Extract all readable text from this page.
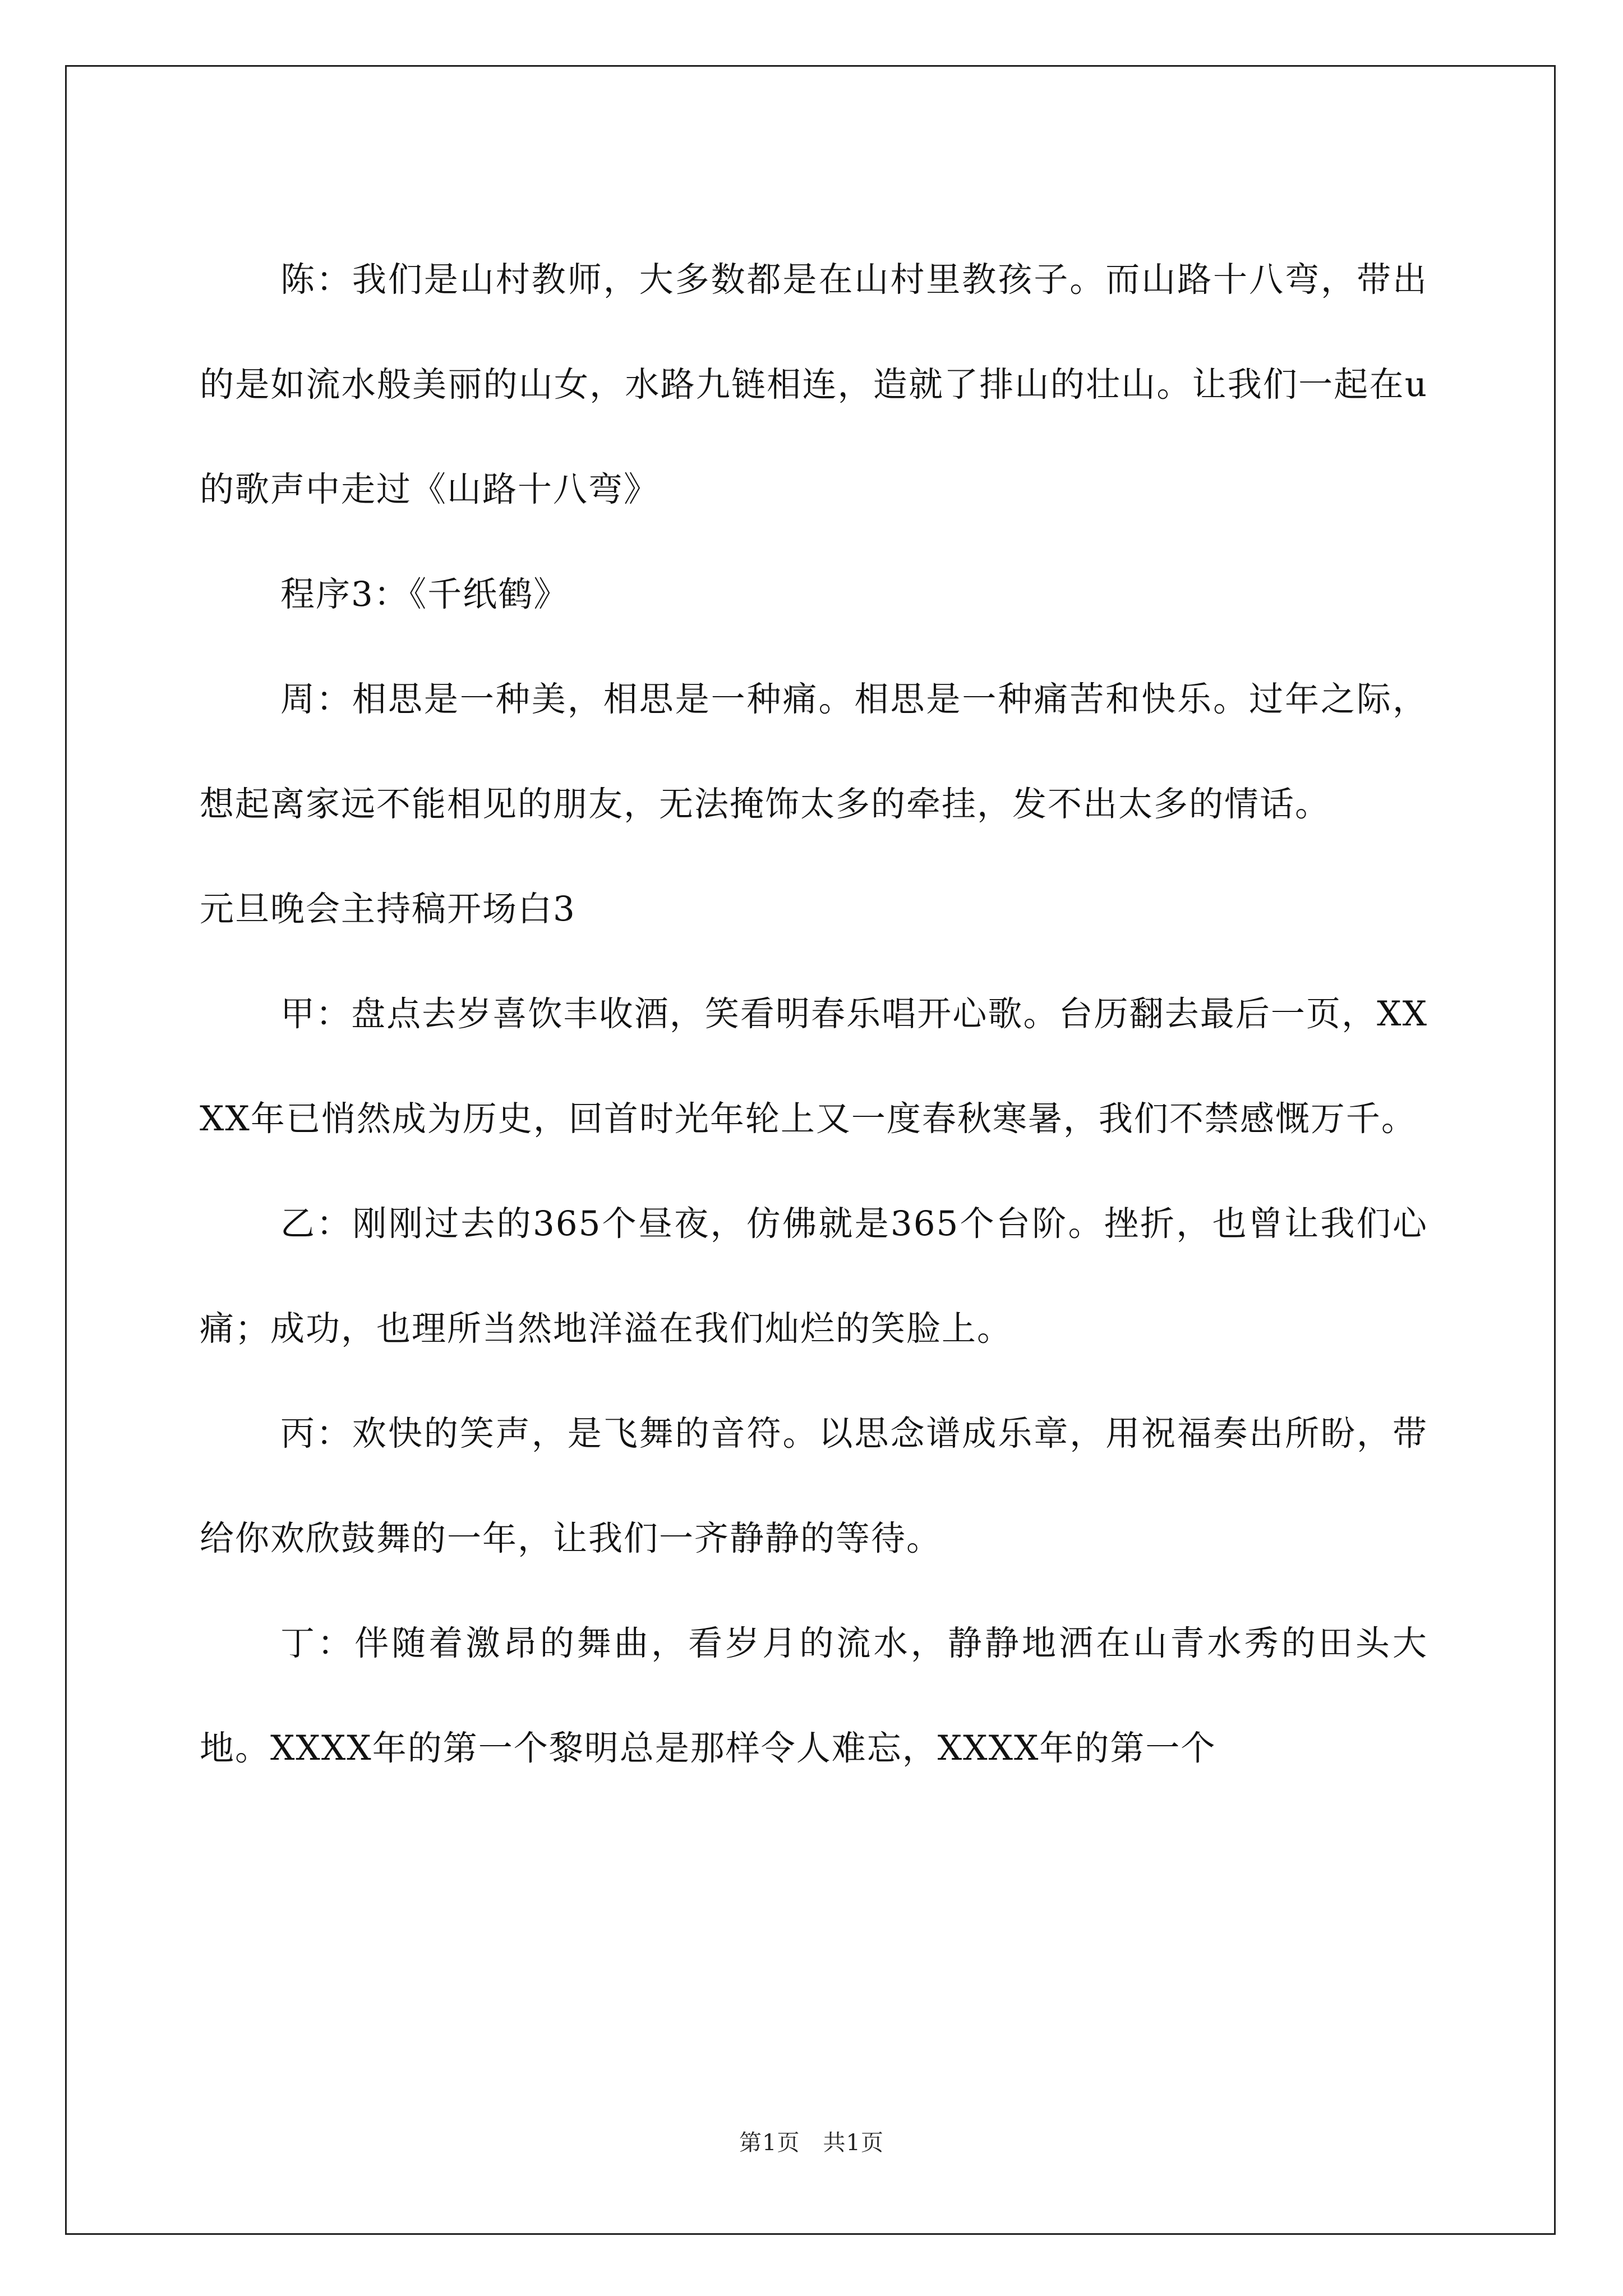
陈：我们是山村教师，大多数都是在山村里教孩子。而山路十八弯，带出的是如流水般美丽的山女，水路九链相连，造就了排山的壮山。让我们一起在u的歌声中走过《山路十八弯》

程序3：《千纸鹤》

周：相思是一种美，相思是一种痛。相思是一种痛苦和快乐。过年之际，想起离家远不能相见的朋友，无法掩饰太多的牵挂，发不出太多的情话。

元旦晚会主持稿开场白3

甲：盘点去岁喜饮丰收酒，笑看明春乐唱开心歌。台历翻去最后一页，XXXX年已悄然成为历史，回首时光年轮上又一度春秋寒暑，我们不禁感慨万千。

乙：刚刚过去的365个昼夜，仿佛就是365个台阶。挫折，也曾让我们心痛；成功，也理所当然地洋溢在我们灿烂的笑脸上。

丙：欢快的笑声，是飞舞的音符。以思念谱成乐章，用祝福奏出所盼，带给你欢欣鼓舞的一年，让我们一齐静静的等待。

丁：伴随着激昂的舞曲，看岁月的流水，静静地洒在山青水秀的田头大地。XXXX年的第一个黎明总是那样令人难忘，XXXX年的第一个

第1页　共1页
